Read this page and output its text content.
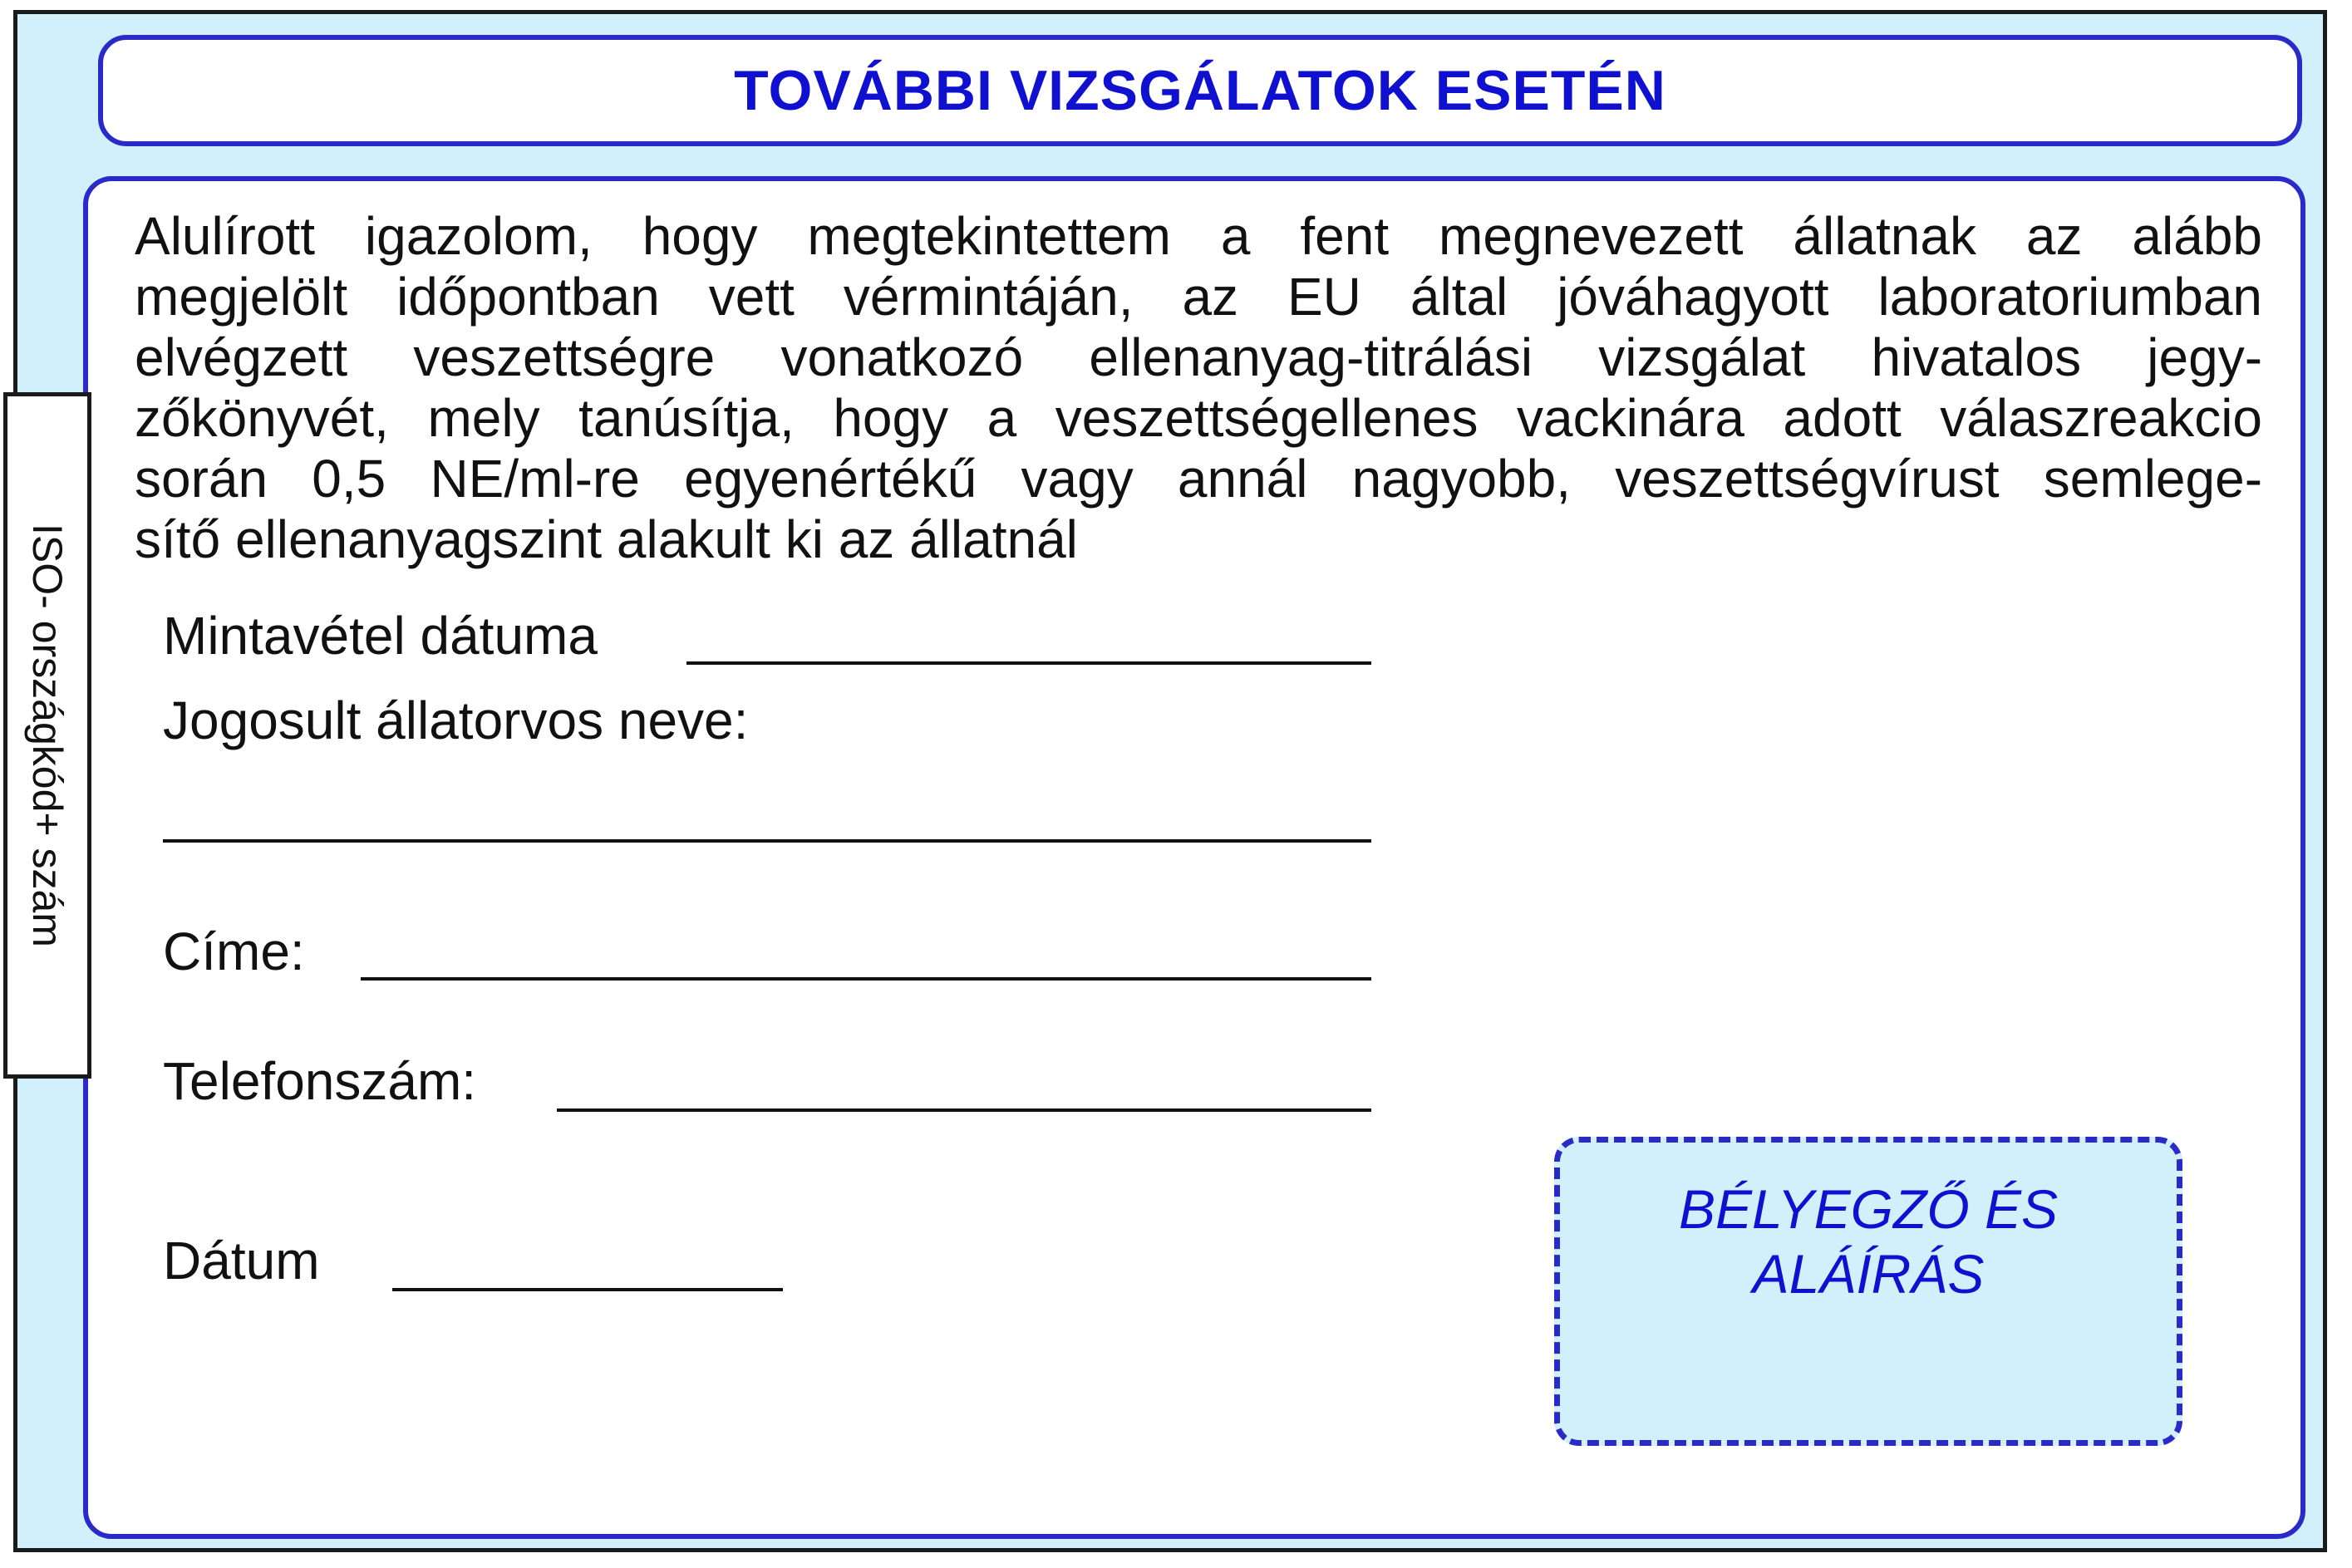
TOVÁBBI VIZSGÁLATOK ESETÉN
ISO- országkód+ szám
Alulírott igazolom, hogy megtekintettem a fent megnevezett állatnak az alább
megjelölt időpontban vett vérmintáján, az EU által jóváhagyott laboratoriumban
elvégzett veszettségre vonatkozó ellenanyag-titrálási vizsgálat hivatalos jegy-
zőkönyvét, mely tanúsítja, hogy a veszettségellenes vackinára adott válaszreakcio
során 0,5 NE/ml-re egyenértékű vagy annál nagyobb, veszettségvírust semlege-
sítő ellenanyagszint alakult ki az állatnál
Mintavétel dátuma
Jogosult állatorvos neve:
Címe:
Telefonszám:
Dátum
BÉLYEGZŐ ÉS
ALÁÍRÁS
